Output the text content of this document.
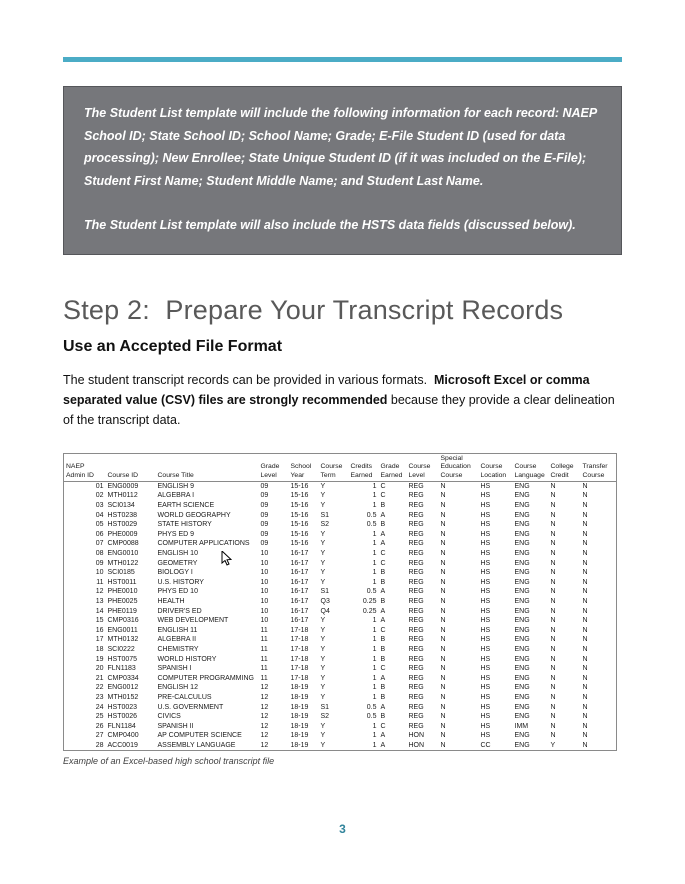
The Student List template will include the following information for each record: NAEP School ID; State School ID; School Name; Grade; E-File Student ID (used for data processing); New Enrollee; State Unique Student ID (if it was included on the E-File); Student First Name; Student Middle Name; and Student Last Name.
The Student List template will also include the HSTS data fields (discussed below).
Step 2:  Prepare Your Transcript Records
Use an Accepted File Format

The student transcript records can be provided in various formats.  Microsoft Excel or comma separated value (CSV) files are strongly recommended because they provide a clear delineation of the transcript data.

NAEP Admin ID	Course ID	Course Title	Grade Level	School Year	Course Term	Credits Earned	Grade Earned	Course Level	Special Education Course	Course Location	Course Language	College Credit	Transfer Course
01	ENG0009	ENGLISH 9	09	15-16	Y	1	C	REG	N	HS	ENG	N	N
02	MTH0112	ALGEBRA I	09	15-16	Y	1	C	REG	N	HS	ENG	N	N
03	SCI0134	EARTH SCIENCE	09	15-16	Y	1	B	REG	N	HS	ENG	N	N
04	HST0238	WORLD GEOGRAPHY	09	15-16	S1	0.5	A	REG	N	HS	ENG	N	N
05	HST0029	STATE HISTORY	09	15-16	S2	0.5	B	REG	N	HS	ENG	N	N
06	PHE0009	PHYS ED 9	09	15-16	Y	1	A	REG	N	HS	ENG	N	N
07	CMP0088	COMPUTER APPLICATIONS	09	15-16	Y	1	A	REG	N	HS	ENG	N	N
08	ENG0010	ENGLISH 10	10	16-17	Y	1	C	REG	N	HS	ENG	N	N
09	MTH0122	GEOMETRY	10	16-17	Y	1	C	REG	N	HS	ENG	N	N
10	SCI0185	BIOLOGY I	10	16-17	Y	1	B	REG	N	HS	ENG	N	N
11	HST0011	U.S. HISTORY	10	16-17	Y	1	B	REG	N	HS	ENG	N	N
12	PHE0010	PHYS ED 10	10	16-17	S1	0.5	A	REG	N	HS	ENG	N	N
13	PHE0025	HEALTH	10	16-17	Q3	0.25	B	REG	N	HS	ENG	N	N
14	PHE0119	DRIVER'S ED	10	16-17	Q4	0.25	A	REG	N	HS	ENG	N	N
15	CMP0316	WEB DEVELOPMENT	10	16-17	Y	1	A	REG	N	HS	ENG	N	N
16	ENG0011	ENGLISH 11	11	17-18	Y	1	C	REG	N	HS	ENG	N	N
17	MTH0132	ALGEBRA II	11	17-18	Y	1	B	REG	N	HS	ENG	N	N
18	SCI0222	CHEMISTRY	11	17-18	Y	1	B	REG	N	HS	ENG	N	N
19	HST0075	WORLD HISTORY	11	17-18	Y	1	B	REG	N	HS	ENG	N	N
20	FLN1183	SPANISH I	11	17-18	Y	1	C	REG	N	HS	ENG	N	N
21	CMP0334	COMPUTER PROGRAMMING	11	17-18	Y	1	A	REG	N	HS	ENG	N	N
22	ENG0012	ENGLISH 12	12	18-19	Y	1	B	REG	N	HS	ENG	N	N
23	MTH0152	PRE-CALCULUS	12	18-19	Y	1	B	REG	N	HS	ENG	N	N
24	HST0023	U.S. GOVERNMENT	12	18-19	S1	0.5	A	REG	N	HS	ENG	N	N
25	HST0026	CIVICS	12	18-19	S2	0.5	B	REG	N	HS	ENG	N	N
26	FLN1184	SPANISH II	12	18-19	Y	1	C	REG	N	HS	IMM	N	N
27	CMP0400	AP COMPUTER SCIENCE	12	18-19	Y	1	A	HON	N	HS	ENG	N	N
28	ACC0019	ASSEMBLY LANGUAGE	12	18-19	Y	1	A	HON	N	CC	ENG	Y	N
Example of an Excel-based high school transcript file
3
